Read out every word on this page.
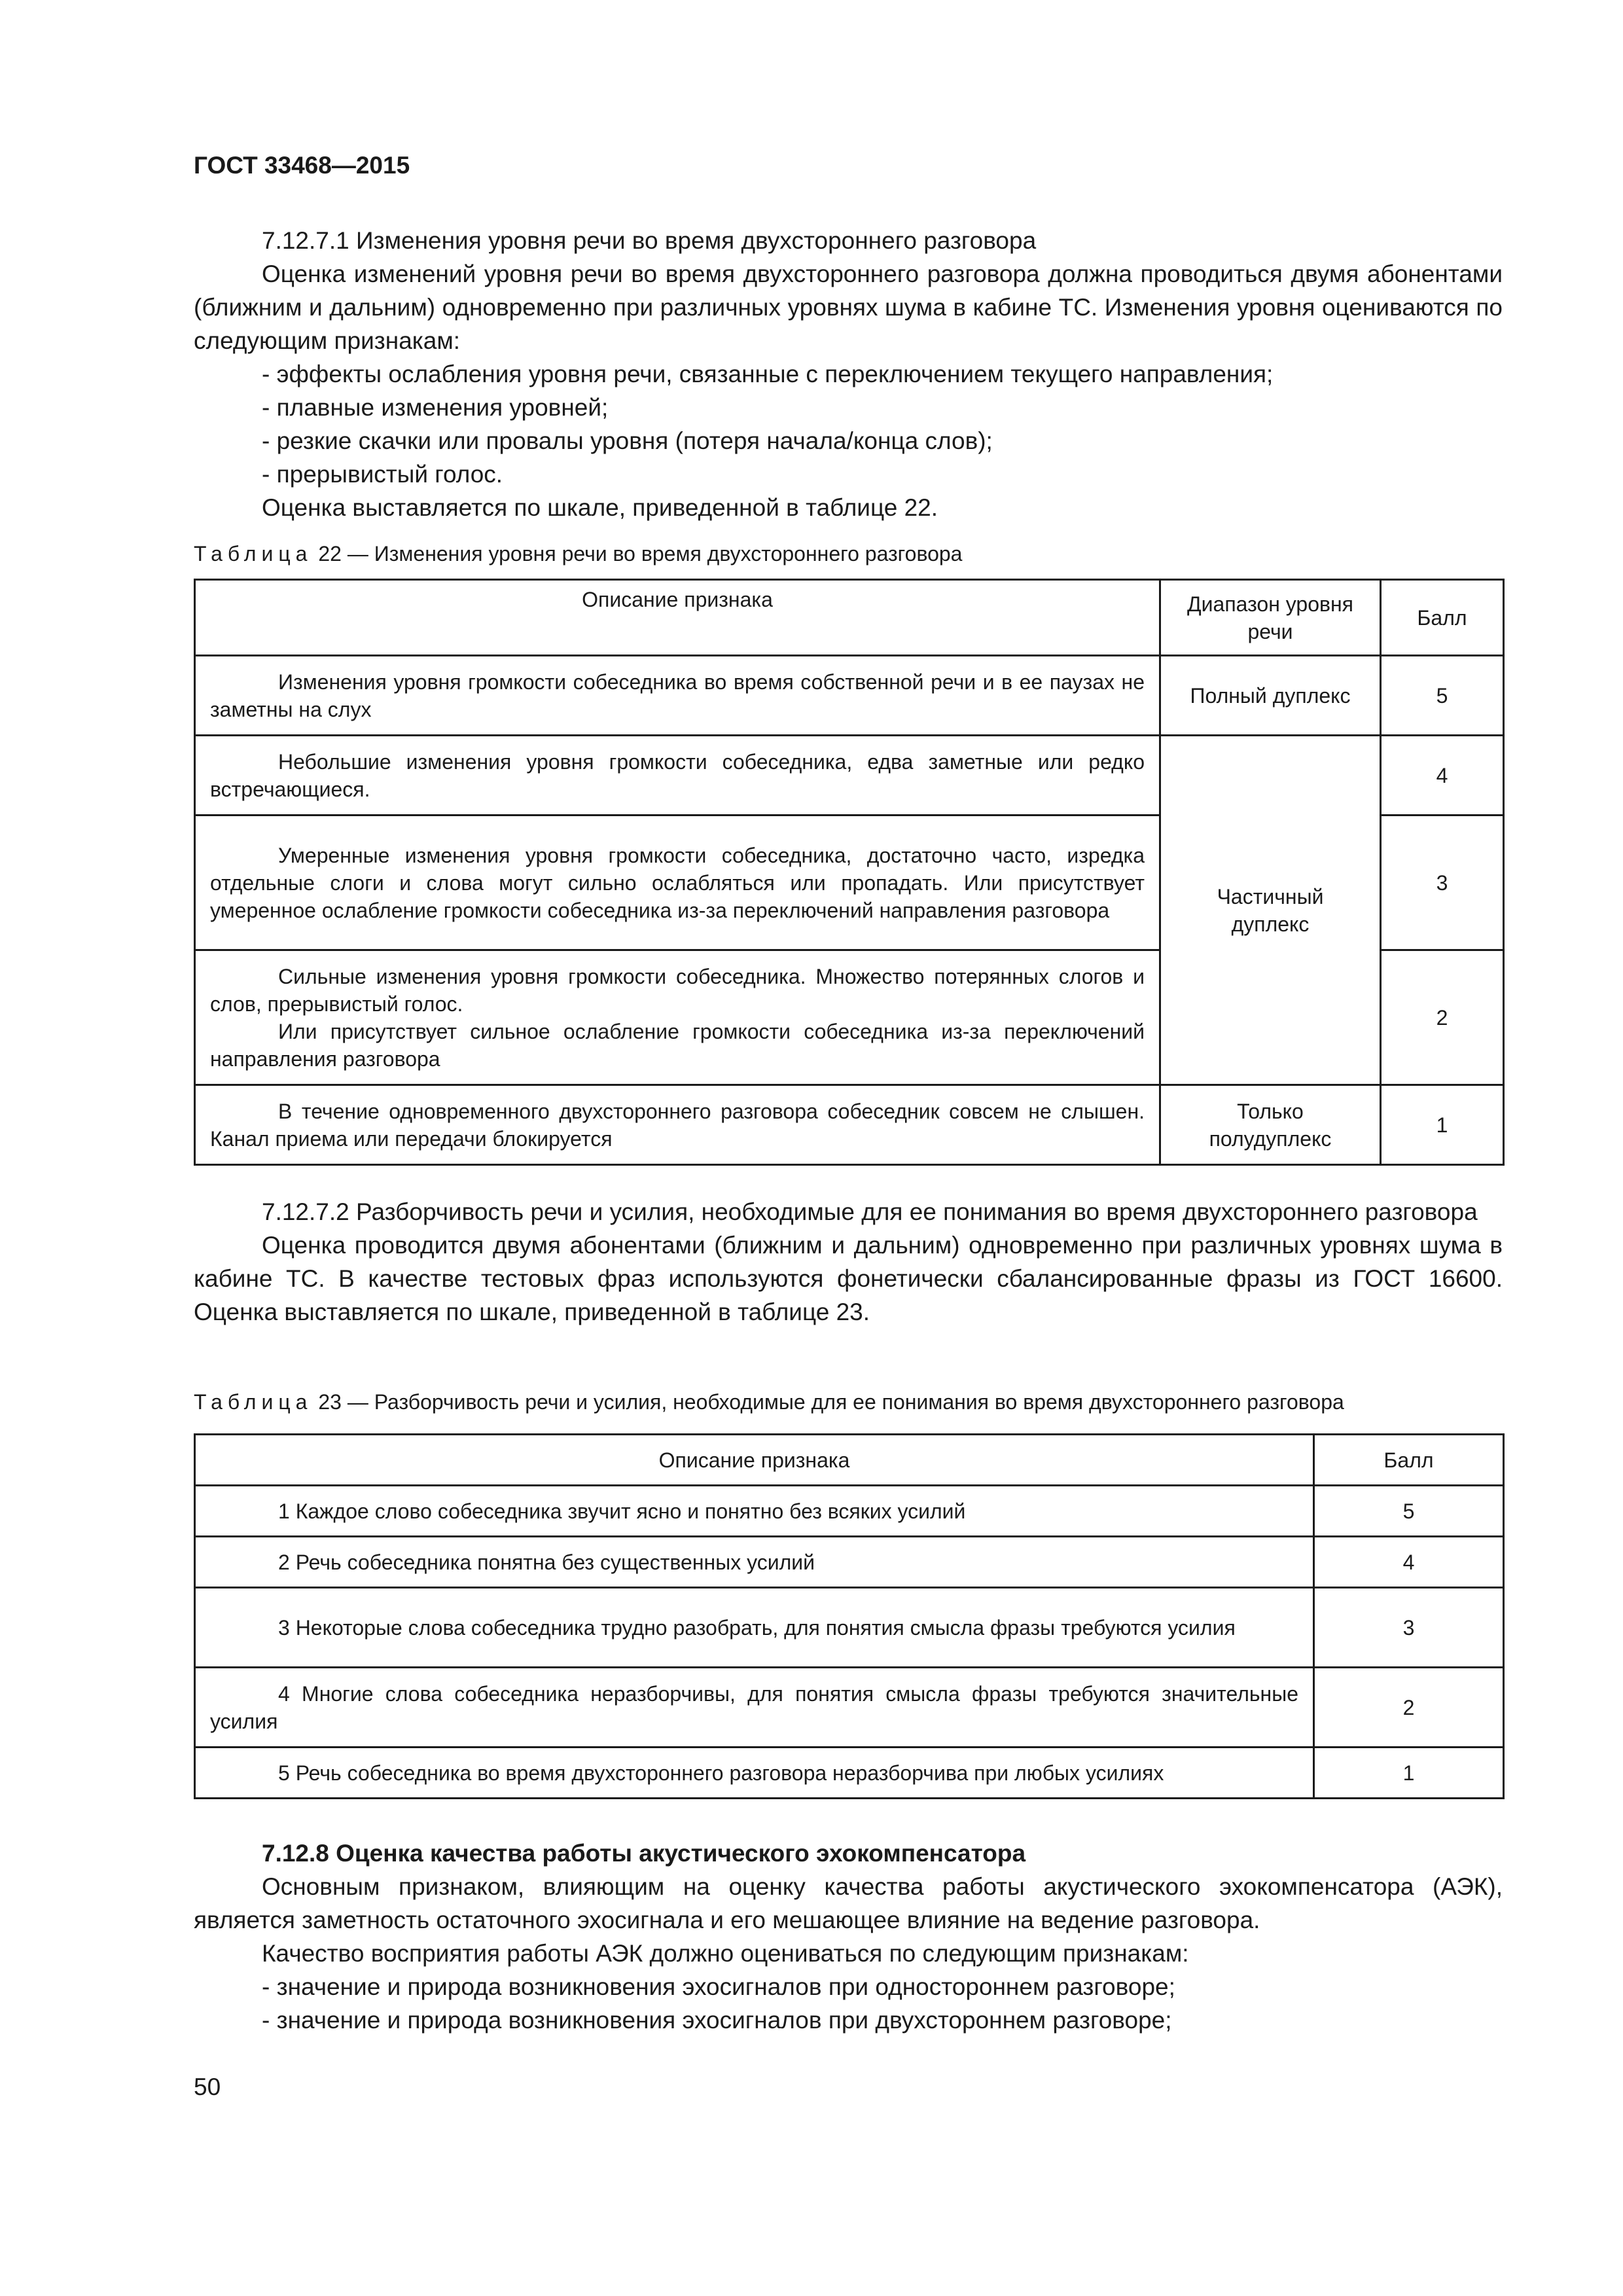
ГОСТ 33468—2015

7.12.7.1 Изменения уровня речи во время двухстороннего разговора

Оценка изменений уровня речи во время двухстороннего разговора должна проводиться двумя абонентами (ближним и дальним) одновременно при различных уровнях шума в кабине ТС. Изменения уровня оцениваются по следующим признакам:

- эффекты ослабления уровня речи, связанные с переключением текущего направления;

- плавные изменения уровней;

- резкие скачки или провалы уровня (потеря начала/конца слов);

- прерывистый голос.

Оценка выставляется по шкале, приведенной в таблице 22.

Таблица 22 — Изменения уровня речи во время двухстороннего разговора

Описание признака	Диапазон уровня речи	Балл
Изменения уровня громкости собеседника во время собственной речи и в ее паузах не заметны на слух	Полный дуплекс	5
Небольшие изменения уровня громкости собеседника, едва заметные или редко встречающиеся.	Частичный дуплекс	4
Умеренные изменения уровня громкости собеседника, достаточно часто, изредка отдельные слоги и слова могут сильно ослабляться или пропадать. Или присутствует умеренное ослабление громкости собеседника из-за переключений направления разговора		3

Сильные изменения уровня громкости собеседника. Множество потерянных слогов и слов, прерывистый голос.
Или присутствует сильное ослабление громкости собеседника из-за переключений направления разговора		2
В течение одновременного двухстороннего разговора собеседник совсем не слышен. Канал приема или передачи блокируется	Только полудуплекс	1

7.12.7.2 Разборчивость речи и усилия, необходимые для ее понимания во время двухстороннего разговора

Оценка проводится двумя абонентами (ближним и дальним) одновременно при различных уровнях шума в кабине ТС. В качестве тестовых фраз используются фонетически сбалансированные фразы из ГОСТ 16600. Оценка выставляется по шкале, приведенной в таблице 23.

Таблица 23 — Разборчивость речи и усилия, необходимые для ее понимания во время двухстороннего разговора

Описание признака	Балл
1 Каждое слово собеседника звучит ясно и понятно без всяких усилий	5
2 Речь собеседника понятна без существенных усилий	4
3 Некоторые слова собеседника трудно разобрать, для понятия смысла фразы требуются усилия	3
4 Многие слова собеседника неразборчивы, для понятия смысла фразы требуются значительные усилия	2
5 Речь собеседника во время двухстороннего разговора неразборчива при любых усилиях	1

7.12.8 Оценка качества работы акустического эхокомпенсатора

Основным признаком, влияющим на оценку качества работы акустического эхокомпенсатора (АЭК), является заметность остаточного эхосигнала и его мешающее влияние на ведение разговора.

Качество восприятия работы АЭК должно оцениваться по следующим признакам:

- значение и природа возникновения эхосигналов при одностороннем разговоре;

- значение и природа возникновения эхосигналов при двухстороннем разговоре;

50
